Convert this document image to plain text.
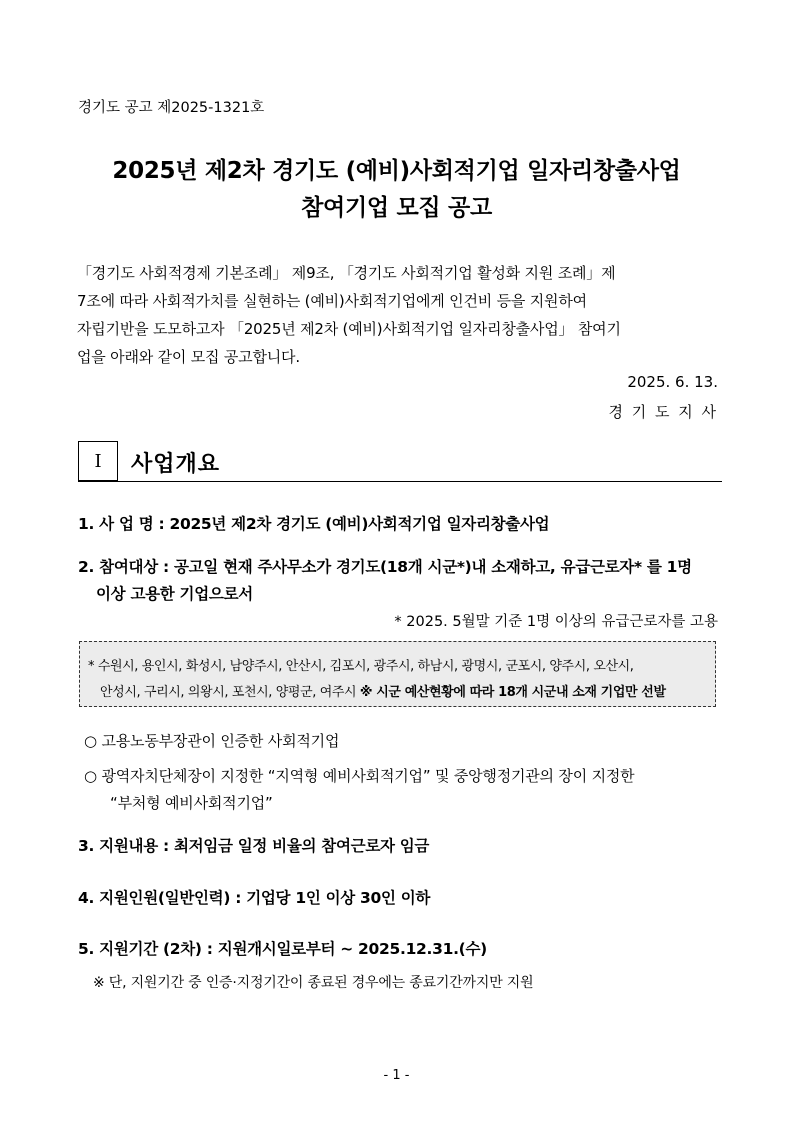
경기도 공고 제2025-1321호
2025년 제2차 경기도 (예비)사회적기업 일자리창출사업
참여기업 모집 공고
「경기도 사회적경제 기본조례」 제9조, 「경기도 사회적기업 활성화 지원 조례」제
7조에 따라 사회적가치를 실현하는 (예비)사회적기업에게 인건비 등을 지원하여
자립기반을 도모하고자 「2025년 제2차 (예비)사회적기업 일자리창출사업」 참여기
업을 아래와 같이 모집 공고합니다.
2025. 6. 13.
경 기 도 지 사
Ⅰ 사업개요
1. 사 업 명 : 2025년 제2차 경기도 (예비)사회적기업 일자리창출사업
2. 참여대상 : 공고일 현재 주사무소가 경기도(18개 시군*)내 소재하고, 유급근로자* 를 1명
이상 고용한 기업으로서
* 2025. 5월말 기준 1명 이상의 유급근로자를 고용
* 수원시, 용인시, 화성시, 남양주시, 안산시, 김포시, 광주시, 하남시, 광명시, 군포시, 양주시, 오산시,
안성시, 구리시, 의왕시, 포천시, 양평군, 여주시 ※ 시군 예산현황에 따라 18개 시군내 소재 기업만 선발
○ 고용노동부장관이 인증한 사회적기업
○ 광역자치단체장이 지정한 “지역형 예비사회적기업” 및 중앙행정기관의 장이 지정한
“부처형 예비사회적기업”
3. 지원내용 : 최저임금 일정 비율의 참여근로자 임금
4. 지원인원(일반인력) : 기업당 1인 이상 30인 이하
5. 지원기간 (2차) : 지원개시일로부터 ~ 2025.12.31.(수)
※ 단, 지원기간 중 인증·지정기간이 종료된 경우에는 종료기간까지만 지원
- 1 -
